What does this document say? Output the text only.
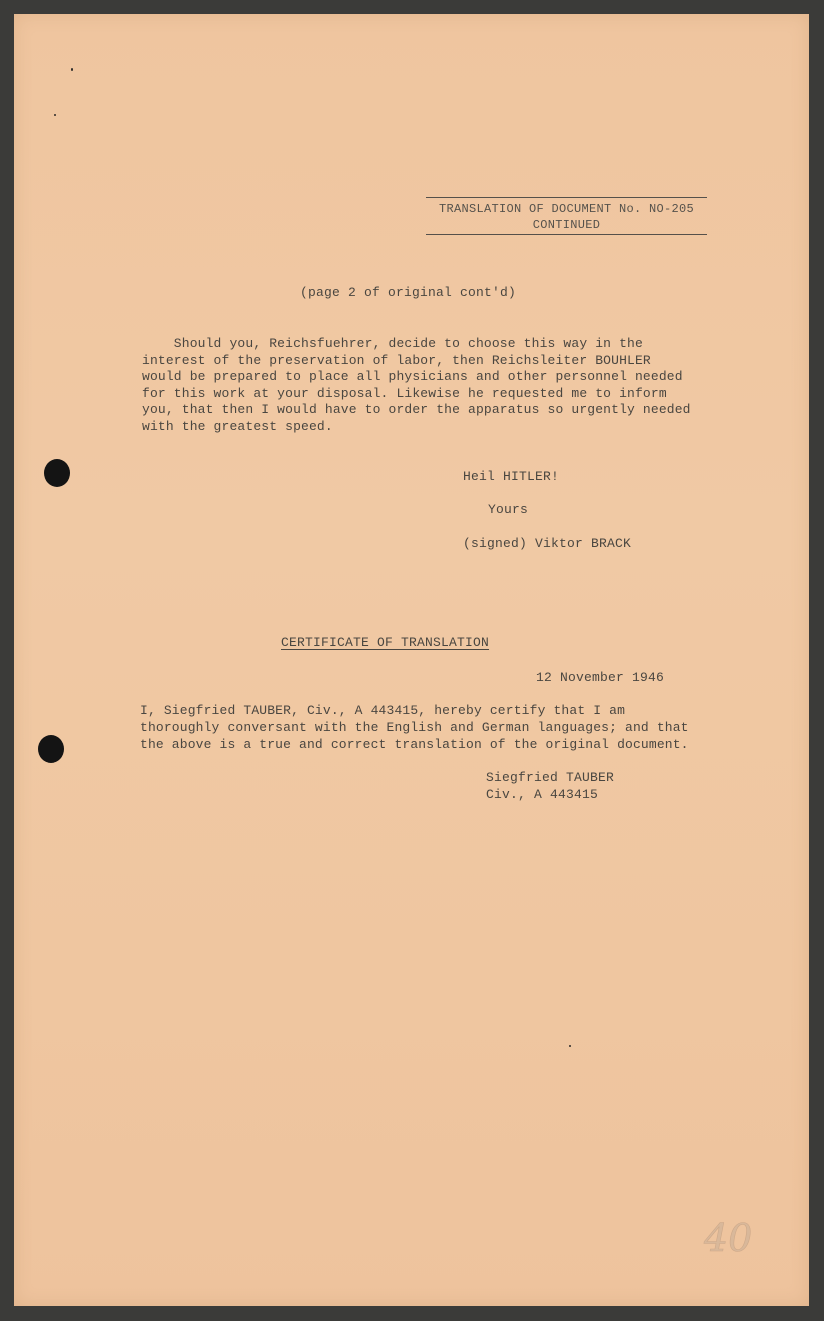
TRANSLATION OF DOCUMENT No. NO-205
CONTINUED
(page 2 of original cont'd)
Should you, Reichsfuehrer, decide to choose this way in the
interest of the preservation of labor, then Reichsleiter BOUHLER
would be prepared to place all physicians and other personnel needed
for this work at your disposal. Likewise he requested me to inform
you, that then I would have to order the apparatus so urgently needed
with the greatest speed.
Heil HITLER!
Yours
(signed) Viktor BRACK
CERTIFICATE OF TRANSLATION
12 November 1946
I, Siegfried TAUBER, Civ., A 443415, hereby certify that I am
thoroughly conversant with the English and German languages; and that
the above is a true and correct translation of the original document.
Siegfried TAUBER
Civ., A 443415
40
